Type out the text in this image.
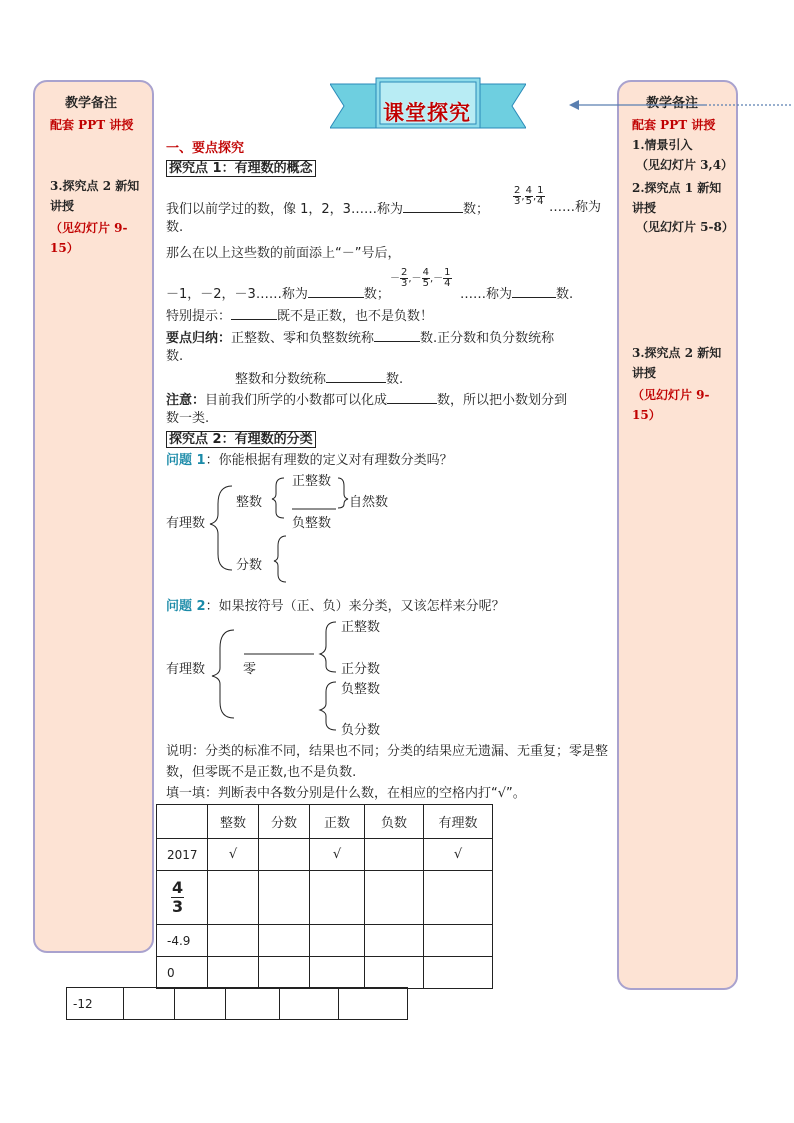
教学备注
配套 PPT 讲授
3.探究点 2 新知讲授
（见幻灯片 9-15）
教学备注
配套 PPT 讲授
1.情景引入
（见幻灯片 3,4）
2.探究点 1 新知讲授
（见幻灯片 5-8）
3.探究点 2 新知讲授
（见幻灯片 9-15）
课堂探究
一、要点探究
探究点 1：有理数的概念
我们以前学过的数，像 1，2，3……称为	数；
$\frac{2}{3}$ , $\frac{4}{5}$ , $\frac{1}{4}$
……称为
数.
那么在以上这些数的前面添上“－”号后，
－1，－2，－3……称为	数；
－ $\frac{2}{3}$ ,－ $\frac{4}{5}$ ,－ $\frac{1}{4}$
……称为	数.
特别提示：	既不是正数，也不是负数！
要点归纳：正整数、零和负整数统称	数.正分数和负分数统称
数.
整数和分数统称	数.
注意：目前我们所学的小数都可以化成	数，所以把小数划分到
数一类.
探究点 2：有理数的分类
问题 1：你能根据有理数的定义对有理数分类吗？
有理数
整数
正整数
自然数
负整数
分数
问题 2：如果按符号（正、负）来分类，又该怎样来分呢？
有理数
正整数
零	正分数
负整数
负分数
说明：分类的标准不同，结果也不同；分类的结果应无遗漏、无重复；零是整
数，但零既不是正数,也不是负数.
填一填：判断表中各数分别是什么数，在相应的空格内打“√”。
	整数	分数	正数	负数	有理数
2017	√		√		√

$\frac{4}{3}$

-4.9					
0					
-12					
